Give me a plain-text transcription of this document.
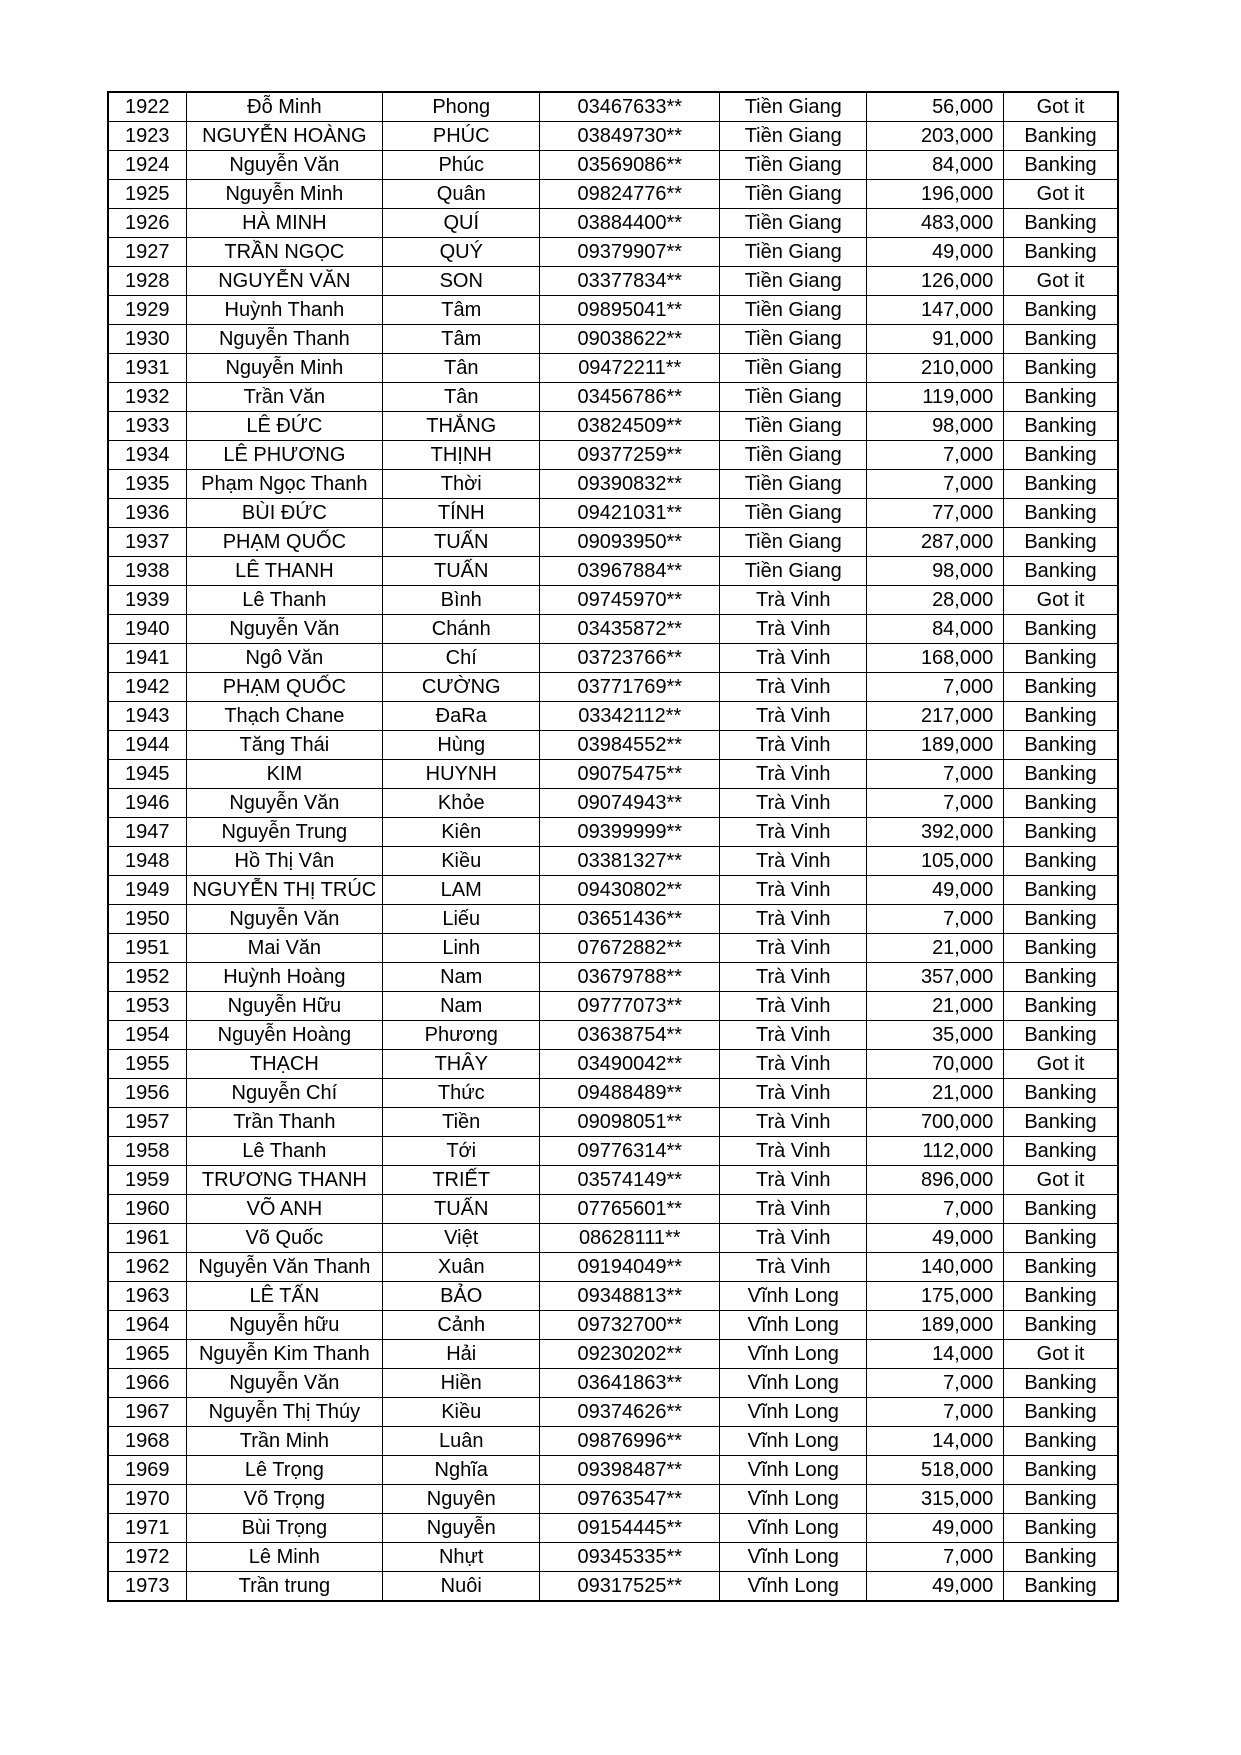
1922	Đỗ Minh	Phong	03467633**	Tiền Giang	56,000	Got it
1923	NGUYỄN HOÀNG	PHÚC	03849730**	Tiền Giang	203,000	Banking
1924	Nguyễn Văn	Phúc	03569086**	Tiền Giang	84,000	Banking
1925	Nguyễn Minh	Quân	09824776**	Tiền Giang	196,000	Got it
1926	HÀ MINH	QUÍ	03884400**	Tiền Giang	483,000	Banking
1927	TRẦN NGỌC	QUÝ	09379907**	Tiền Giang	49,000	Banking
1928	NGUYỄN VĂN	SON	03377834**	Tiền Giang	126,000	Got it
1929	Huỳnh Thanh	Tâm	09895041**	Tiền Giang	147,000	Banking
1930	Nguyễn Thanh	Tâm	09038622**	Tiền Giang	91,000	Banking
1931	Nguyễn Minh	Tân	09472211**	Tiền Giang	210,000	Banking
1932	Trần Văn	Tân	03456786**	Tiền Giang	119,000	Banking
1933	LÊ ĐỨC	THẮNG	03824509**	Tiền Giang	98,000	Banking
1934	LÊ PHƯƠNG	THỊNH	09377259**	Tiền Giang	7,000	Banking
1935	Phạm Ngọc Thanh	Thời	09390832**	Tiền Giang	7,000	Banking
1936	BÙI ĐỨC	TÍNH	09421031**	Tiền Giang	77,000	Banking
1937	PHẠM QUỐC	TUẤN	09093950**	Tiền Giang	287,000	Banking
1938	LÊ THANH	TUẤN	03967884**	Tiền Giang	98,000	Banking
1939	Lê Thanh	Bình	09745970**	Trà Vinh	28,000	Got it
1940	Nguyễn Văn	Chánh	03435872**	Trà Vinh	84,000	Banking
1941	Ngô Văn	Chí	03723766**	Trà Vinh	168,000	Banking
1942	PHẠM QUỐC	CƯỜNG	03771769**	Trà Vinh	7,000	Banking
1943	Thạch Chane	ĐaRa	03342112**	Trà Vinh	217,000	Banking
1944	Tăng Thái	Hùng	03984552**	Trà Vinh	189,000	Banking
1945	KIM	HUYNH	09075475**	Trà Vinh	7,000	Banking
1946	Nguyễn Văn	Khỏe	09074943**	Trà Vinh	7,000	Banking
1947	Nguyễn Trung	Kiên	09399999**	Trà Vinh	392,000	Banking
1948	Hồ Thị Vân	Kiều	03381327**	Trà Vinh	105,000	Banking
1949	NGUYỄN THỊ TRÚC	LAM	09430802**	Trà Vinh	49,000	Banking
1950	Nguyễn Văn	Liếu	03651436**	Trà Vinh	7,000	Banking
1951	Mai Văn	Linh	07672882**	Trà Vinh	21,000	Banking
1952	Huỳnh Hoàng	Nam	03679788**	Trà Vinh	357,000	Banking
1953	Nguyễn Hữu	Nam	09777073**	Trà Vinh	21,000	Banking
1954	Nguyễn Hoàng	Phương	03638754**	Trà Vinh	35,000	Banking
1955	THẠCH	THÂY	03490042**	Trà Vinh	70,000	Got it
1956	Nguyễn Chí	Thức	09488489**	Trà Vinh	21,000	Banking
1957	Trần Thanh	Tiền	09098051**	Trà Vinh	700,000	Banking
1958	Lê Thanh	Tới	09776314**	Trà Vinh	112,000	Banking
1959	TRƯƠNG THANH	TRIẾT	03574149**	Trà Vinh	896,000	Got it
1960	VÕ ANH	TUẤN	07765601**	Trà Vinh	7,000	Banking
1961	Võ Quốc	Việt	08628111**	Trà Vinh	49,000	Banking
1962	Nguyễn Văn Thanh	Xuân	09194049**	Trà Vinh	140,000	Banking
1963	LÊ TẤN	BẢO	09348813**	Vĩnh Long	175,000	Banking
1964	Nguyễn hữu	Cảnh	09732700**	Vĩnh Long	189,000	Banking
1965	Nguyễn Kim Thanh	Hải	09230202**	Vĩnh Long	14,000	Got it
1966	Nguyễn Văn	Hiền	03641863**	Vĩnh Long	7,000	Banking
1967	Nguyễn Thị Thúy	Kiều	09374626**	Vĩnh Long	7,000	Banking
1968	Trần Minh	Luân	09876996**	Vĩnh Long	14,000	Banking
1969	Lê Trọng	Nghĩa	09398487**	Vĩnh Long	518,000	Banking
1970	Võ Trọng	Nguyên	09763547**	Vĩnh Long	315,000	Banking
1971	Bùi Trọng	Nguyễn	09154445**	Vĩnh Long	49,000	Banking
1972	Lê Minh	Nhựt	09345335**	Vĩnh Long	7,000	Banking
1973	Trần trung	Nuôi	09317525**	Vĩnh Long	49,000	Banking
